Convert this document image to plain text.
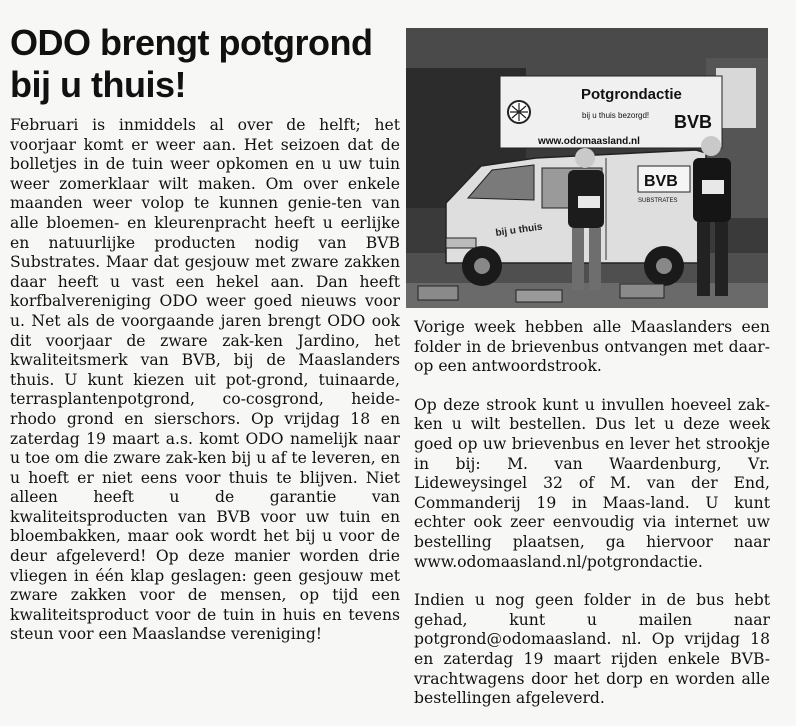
ODO brengt potgrond bij u thuis!

Februari is inmiddels al over de helft; het voorjaar komt er weer aan. Het seizoen dat de bolletjes in de tuin weer opkomen en u uw tuin weer zomerklaar wilt maken. Om over enkele maanden weer volop te kunnen genie-ten van alle bloemen- en kleurenpracht heeft u eerlijke en natuurlijke producten nodig van BVB Substrates. Maar dat gesjouw met zware zakken daar heeft u vast een hekel aan. Dan heeft korfbalvereniging ODO weer goed nieuws voor u. Net als de voorgaande jaren brengt ODO ook dit voorjaar de zware zak-ken Jardino, het kwaliteitsmerk van BVB, bij de Maaslanders thuis. U kunt kiezen uit pot-grond, tuinaarde, terrasplantenpotgrond, co-cosgrond, heide-rhodo grond en sierschors. Op vrijdag 18 en zaterdag 19 maart a.s. komt ODO namelijk naar u toe om die zware zak-ken bij u af te leveren, en u hoeft er niet eens voor thuis te blijven. Niet alleen heeft u de garantie van kwaliteitsproducten van BVB voor uw tuin en bloembakken, maar ook wordt het bij u voor de deur afgeleverd! Op deze manier worden drie vliegen in één klap geslagen: geen gesjouw met zware zakken voor de mensen, op tijd een kwaliteitsproduct voor de tuin in huis en tevens steun voor een Maaslandse vereniging!

Potgrondactie
bij u thuis bezorgd! BVB
www.odomaasland.nl
BVB
SUBSTRATES
bij u thuis

Vorige week hebben alle Maaslanders een folder in de brievenbus ontvangen met daar-op een antwoordstrook.

Op deze strook kunt u invullen hoeveel zak-ken u wilt bestellen. Dus let u deze week goed op uw brievenbus en lever het strookje in bij: M. van Waardenburg, Vr. Lideweysingel 32 of M. van der End, Commanderij 19 in Maas-land. U kunt echter ook zeer eenvoudig via internet uw bestelling plaatsen, ga hiervoor naar www.odomaasland.nl/potgrondactie.

Indien u nog geen folder in de bus hebt gehad, kunt u mailen naar potgrond@odomaasland. nl. Op vrijdag 18 en zaterdag 19 maart rijden enkele BVB- vrachtwagens door het dorp en worden alle bestellingen afgeleverd.
